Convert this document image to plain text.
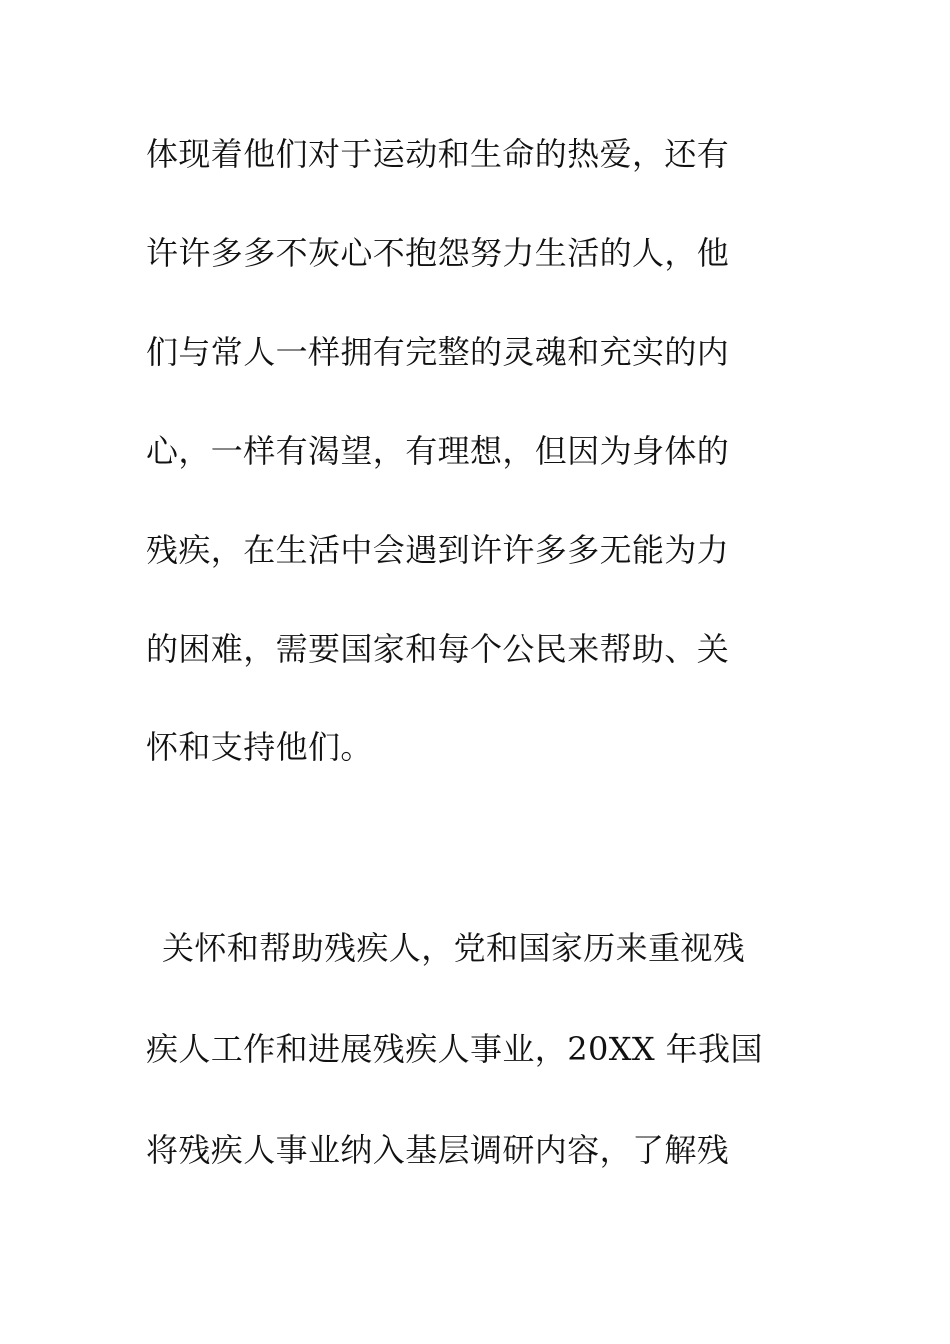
体现着他们对于运动和生命的热爱，还有
许许多多不灰心不抱怨努力生活的人，他
们与常人一样拥有完整的灵魂和充实的内
心，一样有渴望，有理想，但因为身体的
残疾，在生活中会遇到许许多多无能为力
的困难，需要国家和每个公民来帮助、关
怀和支持他们。
关怀和帮助残疾人，党和国家历来重视残
疾人工作和进展残疾人事业，20XX 年我国
将残疾人事业纳入基层调研内容，了解残
